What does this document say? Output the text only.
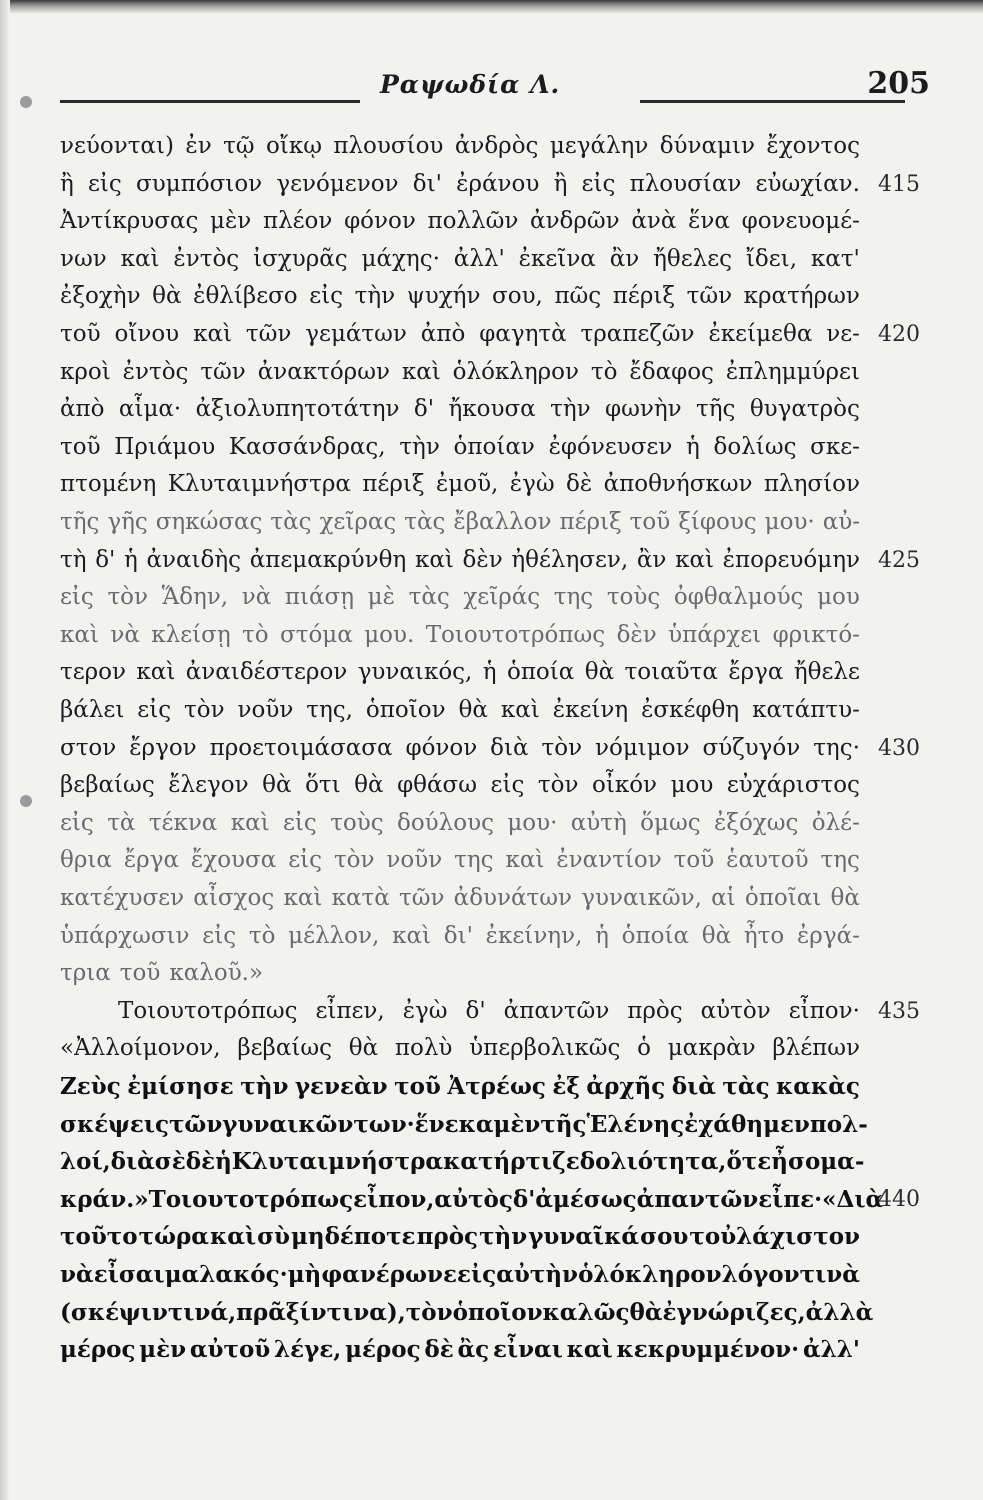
Ραψωδία Λ.	205
νεύονται) ἐν τῷ οἴκῳ πλουσίου ἀνδρὸς μεγάλην δύναμιν ἔχοντος
ἢ εἰς συμπόσιον γενόμενον δι' ἐράνου ἢ εἰς πλουσίαν εὐωχίαν.
Ἀντίκρυσας μὲν πλέον φόνον πολλῶν ἀνδρῶν ἀνὰ ἕνα φονευομέ-
νων καὶ ἐντὸς ἰσχυρᾶς μάχης· ἀλλ' ἐκεῖνα ἂν ἤθελες ἴδει, κατ'
ἐξοχὴν θὰ ἐθλίβεσο εἰς τὴν ψυχήν σου, πῶς πέριξ τῶν κρατήρων
τοῦ οἴνου καὶ τῶν γεμάτων ἀπὸ φαγητὰ τραπεζῶν ἐκείμεθα νε-
κροὶ ἐντὸς τῶν ἀνακτόρων καὶ ὁλόκληρον τὸ ἔδαφος ἐπλημμύρει
ἀπὸ αἷμα· ἀξιολυπητοτάτην δ' ἤκουσα τὴν φωνὴν τῆς θυγατρὸς
τοῦ Πριάμου Κασσάνδρας, τὴν ὁποίαν ἐφόνευσεν ἡ δολίως σκε-
πτομένη Κλυταιμνήστρα πέριξ ἐμοῦ, ἐγὼ δὲ ἀποθνήσκων πλησίον
τῆς γῆς σηκώσας τὰς χεῖρας τὰς ἔβαλλον πέριξ τοῦ ξίφους μου· αὐ-
τὴ δ' ἡ ἀναιδὴς ἀπεμακρύνθη καὶ δὲν ἠθέλησεν, ἂν καὶ ἐπορευόμην
εἰς τὸν Ἅδην, νὰ πιάσῃ μὲ τὰς χεῖράς της τοὺς ὀφθαλμούς μου
καὶ νὰ κλείσῃ τὸ στόμα μου. Τοιουτοτρόπως δὲν ὑπάρχει φρικτό-
τερον καὶ ἀναιδέστερον γυναικός, ἡ ὁποία θὰ τοιαῦτα ἔργα ἤθελε
βάλει εἰς τὸν νοῦν της, ὁποῖον θὰ καὶ ἐκείνη ἐσκέφθη κατάπτυ-
στον ἔργον προετοιμάσασα φόνον διὰ τὸν νόμιμον σύζυγόν της·
βεβαίως ἔλεγον θὰ ὅτι θὰ φθάσω εἰς τὸν οἶκόν μου εὐχάριστος
εἰς τὰ τέκνα καὶ εἰς τοὺς δούλους μου· αὐτὴ ὅμως ἐξόχως ὀλέ-
θρια ἔργα ἔχουσα εἰς τὸν νοῦν της καὶ ἐναντίον τοῦ ἑαυτοῦ της
κατέχυσεν αἶσχος καὶ κατὰ τῶν ἀδυνάτων γυναικῶν, αἱ ὁποῖαι θὰ
ὑπάρχωσιν εἰς τὸ μέλλον, καὶ δι' ἐκείνην, ἡ ὁποία θὰ ἦτο ἐργά-
τρια τοῦ καλοῦ.»
Τοιουτοτρόπως εἶπεν, ἐγὼ δ' ἀπαντῶν πρὸς αὐτὸν εἶπον·
«Ἀλλοίμονον, βεβαίως θὰ πολὺ ὑπερβολικῶς ὁ μακρὰν βλέπων
Ζεὺς ἐμίσησε τὴν γενεὰν τοῦ Ἀτρέως ἐξ ἀρχῆς διὰ τὰς κακὰς
σκέψεις τῶν γυναικῶν των· ἕνεκα μὲν τῆς Ἑλένης ἐχάθημεν πολ-
λοί, διὰ σὲ δὲ ἡ Κλυταιμνήστρα κατήρτιζε δολιότητα, ὅτε ἦσο μα-
κράν.» Τοιουτοτρόπως εἶπον, αὐτὸς δ' ἀμέσως ἀπαντῶν εἶπε· «Διὰ
τοῦτο τώρα καὶ σὺ μηδέποτε πρὸς τὴν γυναῖκά σου τοὐλάχιστον
νὰ εἶσαι μαλακός· μὴ φανέρωνε εἰς αὐτὴν ὁλόκληρον λόγον τινὰ
(σκέψιν τινά, πρᾶξίν τινα), τὸν ὁποῖον καλῶς θὰ ἐγνώριζες, ἀλλὰ
μέρος μὲν αὐτοῦ λέγε, μέρος δὲ ἂς εἶναι καὶ κεκρυμμένον· ἀλλ'
415
420
425
430
435
440
